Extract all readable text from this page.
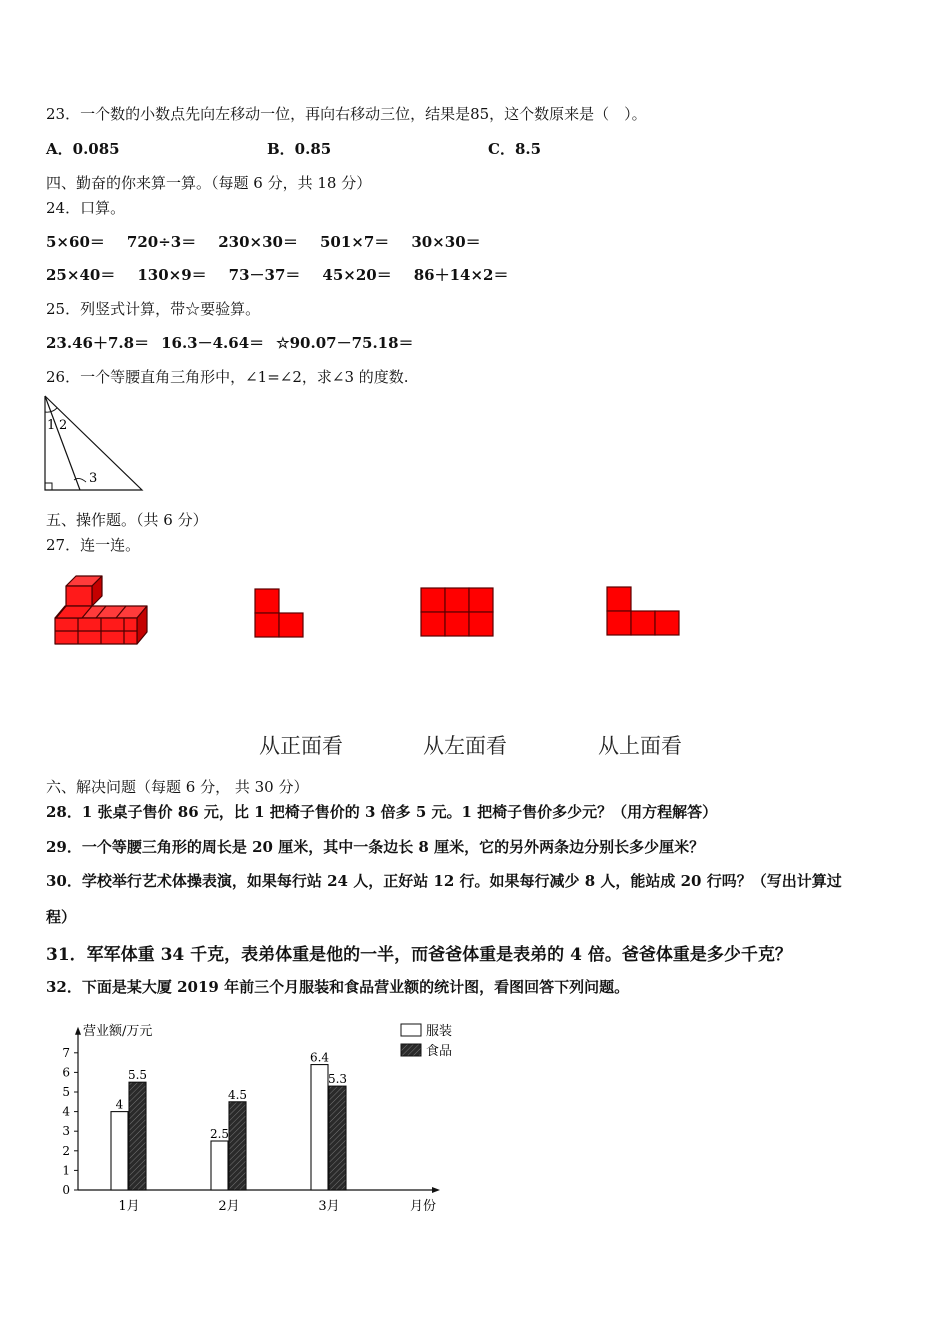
23．一个数的小数点先向左移动一位，再向右移动三位，结果是85，这个数原来是（　）。
A．0.085	B．0.85	C．8.5
四、勤奋的你来算一算。（每题 6 分，共 18 分）
24．口算。
5×60＝ 720÷3＝ 230×30＝ 501×7＝ 30×30＝
25×40＝ 130×9＝ 73－37＝ 45×20＝ 86＋14×2＝
25．列竖式计算，带☆要验算。
23.46＋7.8＝ 16.3－4.64＝ ☆90.07－75.18＝
26．一个等腰直角三角形中，∠1=∠2，求∠3 的度数.
1 2
3
五、操作题。（共 6 分）
27．连一连。
从正面看	从左面看	从上面看
六、解决问题（每题 6 分， 共 30 分）
28．1 张桌子售价 86 元，比 1 把椅子售价的 3 倍多 5 元。1 把椅子售价多少元？（用方程解答）
29．一个等腰三角形的周长是 20 厘米，其中一条边长 8 厘米，它的另外两条边分别长多少厘米？
30．学校举行艺术体操表演，如果每行站 24 人，正好站 12 行。如果每行减少 8 人，能站成 20 行吗？（写出计算过
程）
31．军军体重 34 千克，表弟体重是他的一半，而爸爸体重是表弟的 4 倍。爸爸体重是多少千克？
32．下面是某大厦 2019 年前三个月服装和食品营业额的统计图，看图回答下列问题。
营业额/万元
月份
0
1
2
3
4
5
6
7
1月	2月	3月
4
5.5
2.5
4.5
6.4
5.3
服装
食品
